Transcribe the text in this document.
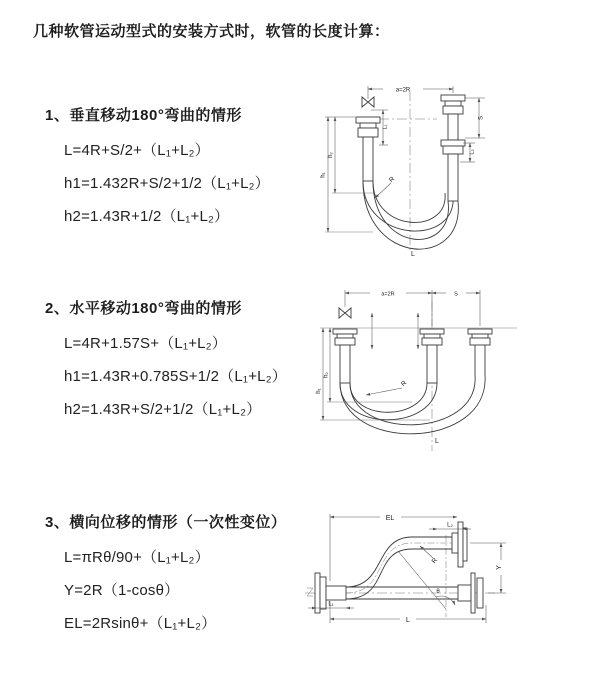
几种软管运动型式的安装方式时，软管的长度计算：
1、垂直移动180°弯曲的情形
L=4R+S/2+（L₁+L₂）
h1=1.432R+S/2+1/2（L₁+L₂）
h2=1.43R+1/2（L₁+L₂）
2、水平移动180°弯曲的情形
L=4R+1.57S+（L₁+L₂）
h1=1.43R+0.785S+1/2（L₁+L₂）
h2=1.43R+S/2+1/2（L₁+L₂）
3、横向位移的情形（一次性变位）
L=πRθ/90+（L₁+L₂）
Y=2R（1-cosθ）
EL=2Rsinθ+（L₁+L₂）
a=2R
S
L₂
L₁
h₁
h₂
R
L
a=2R	S
h₁
h₂
R
L
EL
L₂
Y
R
θ
L
L₁
